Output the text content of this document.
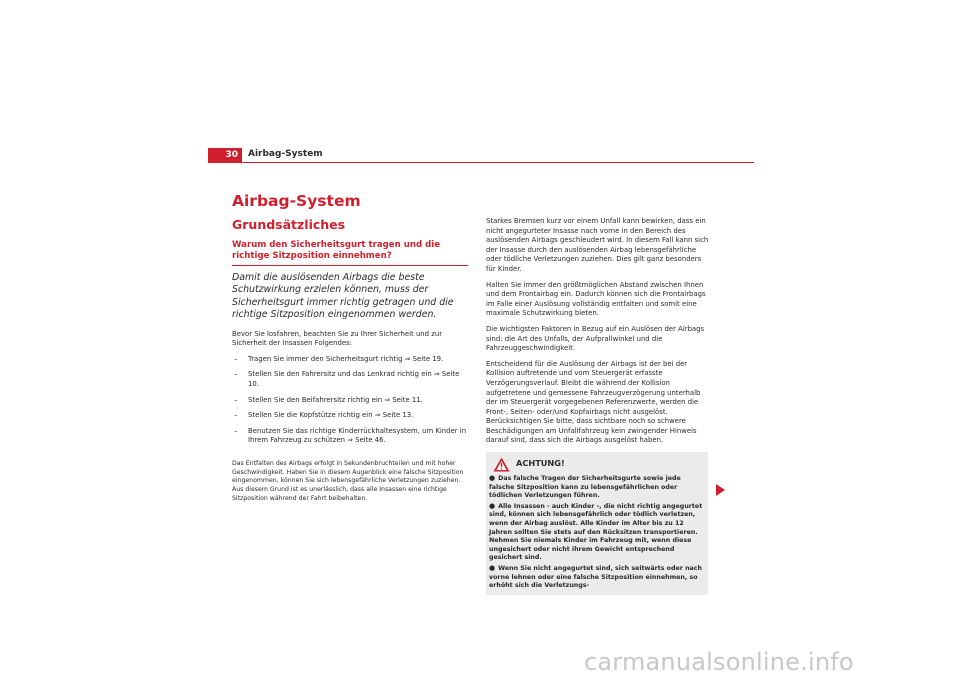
30	Airbag-System
Airbag-System
Grundsätzliches
Warum den Sicherheitsgurt tragen und die richtige Sitzposition einnehmen?
Damit die auslösenden Airbags die beste Schutzwirkung erzielen können, muss der Sicherheitsgurt immer richtig getragen und die richtige Sitzposition eingenommen werden.
Bevor Sie losfahren, beachten Sie zu Ihrer Sicherheit und zur Sicherheit der Insassen Folgendes:
– Tragen Sie immer den Sicherheitsgurt richtig ⇒ Seite 19.
– Stellen Sie den Fahrersitz und das Lenkrad richtig ein ⇒ Seite 10.
– Stellen Sie den Beifahrersitz richtig ein ⇒ Seite 11.
– Stellen Sie die Kopfstütze richtig ein ⇒ Seite 13.
– Benutzen Sie das richtige Kinderrückhaltesystem, um Kinder in Ihrem Fahrzeug zu schützen ⇒ Seite 46.
Das Entfalten des Airbags erfolgt in Sekundenbruchteilen und mit hoher Geschwindigkeit. Haben Sie in diesem Augenblick eine falsche Sitzposition eingenommen, können Sie sich lebensgefährliche Verletzungen zuziehen. Aus diesem Grund ist es unerlässlich, dass alle Insassen eine richtige Sitzposition während der Fahrt beibehalten.

Starkes Bremsen kurz vor einem Unfall kann bewirken, dass ein nicht angegurteter Insasse nach vorne in den Bereich des auslösenden Airbags geschleudert wird. In diesem Fall kann sich der Insasse durch den auslösenden Airbag lebensgefährliche oder tödliche Verletzungen zuziehen. Dies gilt ganz besonders für Kinder.

Halten Sie immer den größtmöglichen Abstand zwischen Ihnen und dem Frontairbag ein. Dadurch können sich die Frontairbags im Falle einer Auslösung vollständig entfalten und somit eine maximale Schutzwirkung bieten.

Die wichtigsten Faktoren in Bezug auf ein Auslösen der Airbags sind: die Art des Unfalls, der Aufprallwinkel und die Fahrzeuggeschwindigkeit.

Entscheidend für die Auslösung der Airbags ist der bei der Kollision auftretende und vom Steuergerät erfasste Verzögerungsverlauf. Bleibt die während der Kollision aufgetretene und gemessene Fahrzeugverzögerung unterhalb der im Steuergerät vorgegebenen Referenzwerte, werden die Front-, Seiten- oder/und Kopfairbags nicht ausgelöst. Berücksichtigen Sie bitte, dass sichtbare noch so schwere Beschädigungen am Unfallfahrzeug kein zwingender Hinweis darauf sind, dass sich die Airbags ausgelöst haben.

ACHTUNG!
● Das falsche Tragen der Sicherheitsgurte sowie jede falsche Sitzposition kann zu lebensgefährlichen oder tödlichen Verletzungen führen.
● Alle Insassen - auch Kinder -, die nicht richtig angegurtet sind, können sich lebensgefährlich oder tödlich verletzen, wenn der Airbag auslöst. Alle Kinder im Alter bis zu 12 Jahren sollten Sie stets auf den Rücksitzen transportieren. Nehmen Sie niemals Kinder im Fahrzeug mit, wenn diese ungesichert oder nicht ihrem Gewicht entsprechend gesichert sind.
● Wenn Sie nicht angegurtet sind, sich seitwärts oder nach vorne lehnen oder eine falsche Sitzposition einnehmen, so erhöht sich die Verletzungs-
carmanualsonline.info
